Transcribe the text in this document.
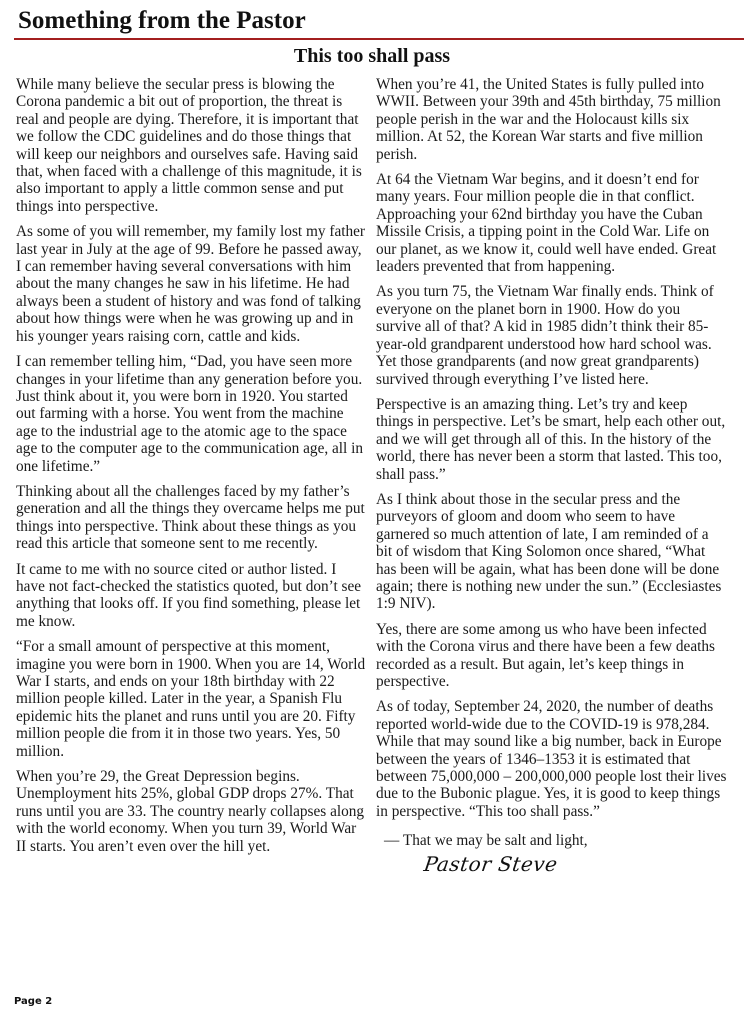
Something from the Pastor
This too shall pass

While many believe the secular press is blowing the Corona pandemic a bit out of proportion, the threat is real and people are dying. Therefore, it is important that we follow the CDC guidelines and do those things that will keep our neighbors and ourselves safe. Having said that, when faced with a challenge of this magnitude, it is also important to apply a little common sense and put things into perspective.

As some of you will remember, my family lost my father last year in July at the age of 99. Before he passed away, I can remember having several conversations with him about the many changes he saw in his lifetime. He had always been a student of history and was fond of talking about how things were when he was growing up and in his younger years raising corn, cattle and kids.

I can remember telling him, “Dad, you have seen more changes in your lifetime than any generation before you. Just think about it, you were born in 1920. You started out farming with a horse. You went from the machine age to the industrial age to the atomic age to the space age to the computer age to the communication age, all in one lifetime.”

Thinking about all the challenges faced by my father’s generation and all the things they overcame helps me put things into perspective. Think about these things as you read this article that someone sent to me recently.

It came to me with no source cited or author listed. I have not fact-checked the statistics quoted, but don’t see anything that looks off. If you find something, please let me know.

“For a small amount of perspective at this moment, imagine you were born in 1900. When you are 14, World War I starts, and ends on your 18th birthday with 22 million people killed. Later in the year, a Spanish Flu epidemic hits the planet and runs until you are 20. Fifty million people die from it in those two years. Yes, 50 million.

When you’re 29, the Great Depression begins. Unemployment hits 25%, global GDP drops 27%. That runs until you are 33. The country nearly collapses along with the world economy. When you turn 39, World War II starts. You aren’t even over the hill yet.

When you’re 41, the United States is fully pulled into WWII. Between your 39th and 45th birthday, 75 million people perish in the war and the Holocaust kills six million. At 52, the Korean War starts and five million perish.

At 64 the Vietnam War begins, and it doesn’t end for many years. Four million people die in that conflict. Approaching your 62nd birthday you have the Cuban Missile Crisis, a tipping point in the Cold War. Life on our planet, as we know it, could well have ended. Great leaders prevented that from happening.

As you turn 75, the Vietnam War finally ends. Think of everyone on the planet born in 1900. How do you survive all of that? A kid in 1985 didn’t think their 85-year-old grandparent understood how hard school was. Yet those grandparents (and now great grandparents) survived through everything I’ve listed here.

Perspective is an amazing thing. Let’s try and keep things in perspective. Let’s be smart, help each other out, and we will get through all of this. In the history of the world, there has never been a storm that lasted. This too, shall pass.”

As I think about those in the secular press and the purveyors of gloom and doom who seem to have garnered so much attention of late, I am reminded of a bit of wisdom that King Solomon once shared, “What has been will be again, what has been done will be done again; there is nothing new under the sun.” (Ecclesiastes 1:9 NIV).

Yes, there are some among us who have been infected with the Corona virus and there have been a few deaths recorded as a result. But again, let’s keep things in perspective.

As of today, September 24, 2020, the number of deaths reported world-wide due to the COVID-19 is 978,284. While that may sound like a big number, back in Europe between the years of 1346–1353 it is estimated that between 75,000,000 – 200,000,000 people lost their lives due to the Bubonic plague. Yes, it is good to keep things in perspective. “This too shall pass.”

— That we may be salt and light,
Pastor Steve
Page 2
